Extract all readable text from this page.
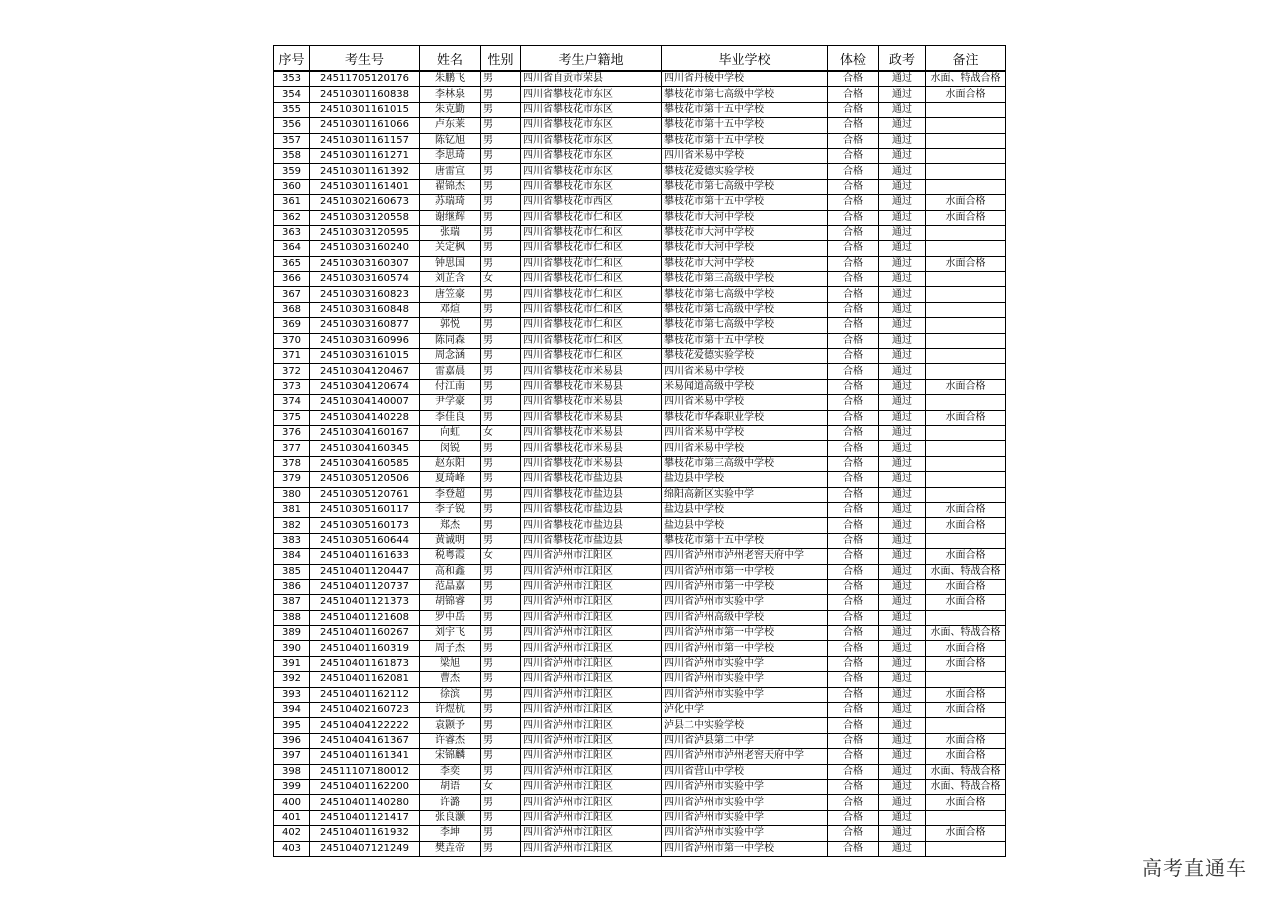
序号	考生号	姓名	性别	考生户籍地	毕业学校	体检	政考	备注
353	24511705120176	朱鹏飞	男	四川省自贡市荣县	四川省丹棱中学校	合格	通过	水面、特战合格
354	24510301160838	李林泉	男	四川省攀枝花市东区	攀枝花市第七高级中学校	合格	通过	水面合格
355	24510301161015	朱克勤	男	四川省攀枝花市东区	攀枝花市第十五中学校	合格	通过	
356	24510301161066	卢东莱	男	四川省攀枝花市东区	攀枝花市第十五中学校	合格	通过	
357	24510301161157	陈钇旭	男	四川省攀枝花市东区	攀枝花市第十五中学校	合格	通过	
358	24510301161271	李思琦	男	四川省攀枝花市东区	四川省米易中学校	合格	通过	
359	24510301161392	唐雷宣	男	四川省攀枝花市东区	攀枝花爱德实验学校	合格	通过	
360	24510301161401	翟锦杰	男	四川省攀枝花市东区	攀枝花市第七高级中学校	合格	通过	
361	24510302160673	苏瑞琦	男	四川省攀枝花市西区	攀枝花市第十五中学校	合格	通过	水面合格
362	24510303120558	谢继辉	男	四川省攀枝花市仁和区	攀枝花市大河中学校	合格	通过	水面合格
363	24510303120595	张瑞	男	四川省攀枝花市仁和区	攀枝花市大河中学校	合格	通过	
364	24510303160240	关定枫	男	四川省攀枝花市仁和区	攀枝花市大河中学校	合格	通过	
365	24510303160307	钟思国	男	四川省攀枝花市仁和区	攀枝花市大河中学校	合格	通过	水面合格
366	24510303160574	刘芷含	女	四川省攀枝花市仁和区	攀枝花市第三高级中学校	合格	通过	
367	24510303160823	唐笠豪	男	四川省攀枝花市仁和区	攀枝花市第七高级中学校	合格	通过	
368	24510303160848	邓煊	男	四川省攀枝花市仁和区	攀枝花市第七高级中学校	合格	通过	
369	24510303160877	郭悦	男	四川省攀枝花市仁和区	攀枝花市第七高级中学校	合格	通过	
370	24510303160996	陈同森	男	四川省攀枝花市仁和区	攀枝花市第十五中学校	合格	通过	
371	24510303161015	周念涵	男	四川省攀枝花市仁和区	攀枝花爱德实验学校	合格	通过	
372	24510304120467	雷嘉晨	男	四川省攀枝花市米易县	四川省米易中学校	合格	通过	
373	24510304120674	付江南	男	四川省攀枝花市米易县	米易闻道高级中学校	合格	通过	水面合格
374	24510304140007	尹学豪	男	四川省攀枝花市米易县	四川省米易中学校	合格	通过	
375	24510304140228	李佳良	男	四川省攀枝花市米易县	攀枝花市华森职业学校	合格	通过	水面合格
376	24510304160167	向虹	女	四川省攀枝花市米易县	四川省米易中学校	合格	通过	
377	24510304160345	闵锐	男	四川省攀枝花市米易县	四川省米易中学校	合格	通过	
378	24510304160585	赵东阳	男	四川省攀枝花市米易县	攀枝花市第三高级中学校	合格	通过	
379	24510305120506	夏琦峰	男	四川省攀枝花市盐边县	盐边县中学校	合格	通过	
380	24510305120761	李登超	男	四川省攀枝花市盐边县	绵阳高新区实验中学	合格	通过	
381	24510305160117	李子锐	男	四川省攀枝花市盐边县	盐边县中学校	合格	通过	水面合格
382	24510305160173	郑杰	男	四川省攀枝花市盐边县	盐边县中学校	合格	通过	水面合格
383	24510305160644	黄诚明	男	四川省攀枝花市盐边县	攀枝花市第十五中学校	合格	通过	
384	24510401161633	税粤霞	女	四川省泸州市江阳区	四川省泸州市泸州老窖天府中学	合格	通过	水面合格
385	24510401120447	高和鑫	男	四川省泸州市江阳区	四川省泸州市第一中学校	合格	通过	水面、特战合格
386	24510401120737	范晶嘉	男	四川省泸州市江阳区	四川省泸州市第一中学校	合格	通过	水面合格
387	24510401121373	胡锦睿	男	四川省泸州市江阳区	四川省泸州市实验中学	合格	通过	水面合格
388	24510401121608	罗中岳	男	四川省泸州市江阳区	四川省泸州高级中学校	合格	通过	
389	24510401160267	刘宇飞	男	四川省泸州市江阳区	四川省泸州市第一中学校	合格	通过	水面、特战合格
390	24510401160319	周子杰	男	四川省泸州市江阳区	四川省泸州市第一中学校	合格	通过	水面合格
391	24510401161873	梁旭	男	四川省泸州市江阳区	四川省泸州市实验中学	合格	通过	水面合格
392	24510401162081	曹杰	男	四川省泸州市江阳区	四川省泸州市实验中学	合格	通过	
393	24510401162112	徐滨	男	四川省泸州市江阳区	四川省泸州市实验中学	合格	通过	水面合格
394	24510402160723	许煜杭	男	四川省泸州市江阳区	泸化中学	合格	通过	水面合格
395	24510404122222	袁颢予	男	四川省泸州市江阳区	泸县二中实验学校	合格	通过	
396	24510404161367	许睿杰	男	四川省泸州市江阳区	四川省泸县第二中学	合格	通过	水面合格
397	24510401161341	宋锦麟	男	四川省泸州市江阳区	四川省泸州市泸州老窖天府中学	合格	通过	水面合格
398	24511107180012	李奕	男	四川省泸州市江阳区	四川省营山中学校	合格	通过	水面、特战合格
399	24510401162200	胡语	女	四川省泸州市江阳区	四川省泸州市实验中学	合格	通过	水面、特战合格
400	24510401140280	许潞	男	四川省泸州市江阳区	四川省泸州市实验中学	合格	通过	水面合格
401	24510401121417	张良灏	男	四川省泸州市江阳区	四川省泸州市实验中学	合格	通过	
402	24510401161932	李坤	男	四川省泸州市江阳区	四川省泸州市实验中学	合格	通过	水面合格
403	24510407121249	樊垚帝	男	四川省泸州市江阳区	四川省泸州市第一中学校	合格	通过	
高考直通车
